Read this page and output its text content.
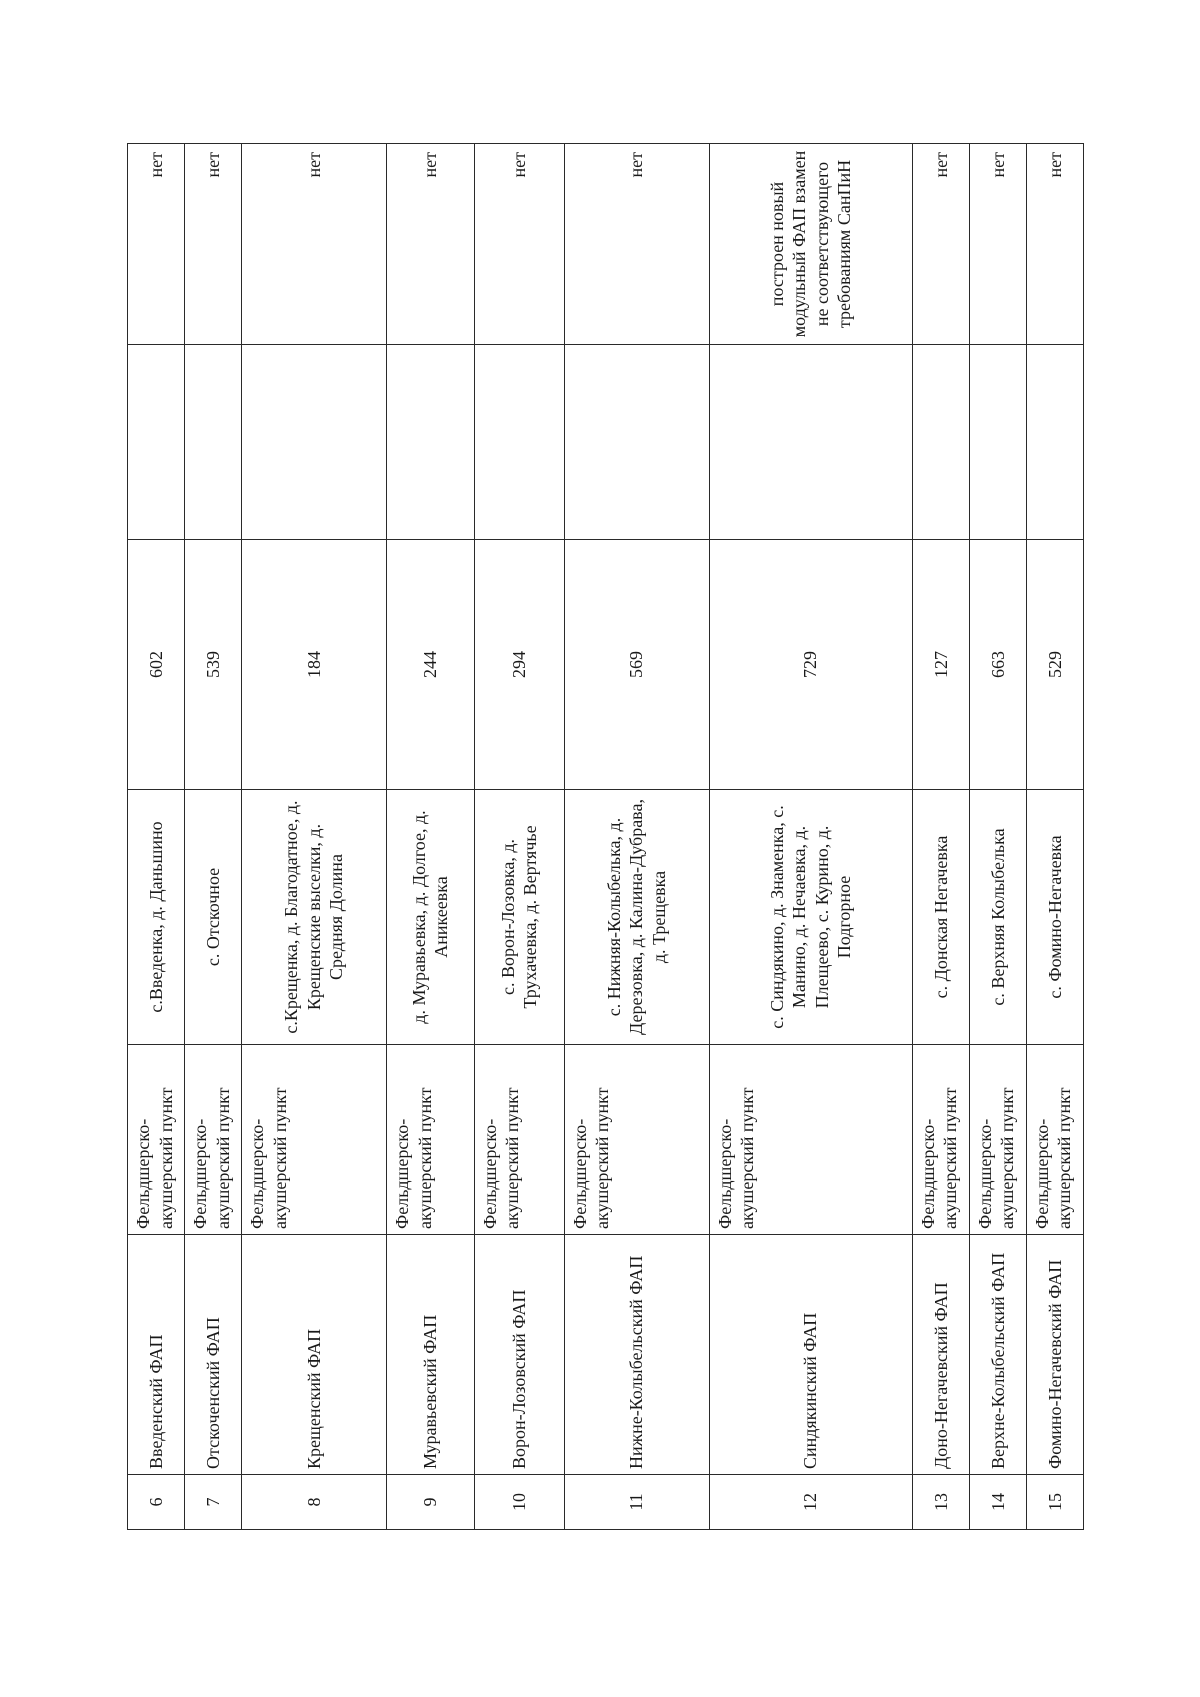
6	Введенский ФАП	Фельдшерско-акушерский пункт	с.Введенка, д. Даньшино	602		нет
7	Отскоченский ФАП	Фельдшерско-акушерский пункт	с. Отскочное	539		нет
8	Крещенский ФАП	Фельдшерско-акушерский пункт	с.Крещенка, д. Благодатное, д. Крещенские выселки, д. Средняя Долина	184		нет
9	Муравьевский ФАП	Фельдшерско-акушерский пункт	д. Муравьевка, д. Долгое, д. Аникеевка	244		нет
10	Ворон-Лозовский ФАП	Фельдшерско-акушерский пункт	с. Ворон-Лозовка, д. Трухачевка, д. Вертячье	294		нет
11	Нижне-Колыбельский ФАП	Фельдшерско-акушерский пункт	с. Нижняя-Колыбелька, д. Дерезовка, д. Калина-Дубрава, д. Трещевка	569		нет
12	Синдякинский ФАП	Фельдшерско-акушерский пункт	с. Синдякино, д. Знаменка, с. Манино, д. Нечаевка, д. Плещеево, с. Курино, д. Подгорное	729		построен новый модульный ФАП взамен не соответствующего требованиям СанПиН
13	Доно-Негачевский ФАП	Фельдшерско-акушерский пункт	с. Донская Негачевка	127		нет
14	Верхне-Колыбельский ФАП	Фельдшерско-акушерский пункт	с. Верхняя Колыбелька	663		нет
15	Фомино-Негачевский ФАП	Фельдшерско-акушерский пункт	с. Фомино-Негачевка	529		нет
